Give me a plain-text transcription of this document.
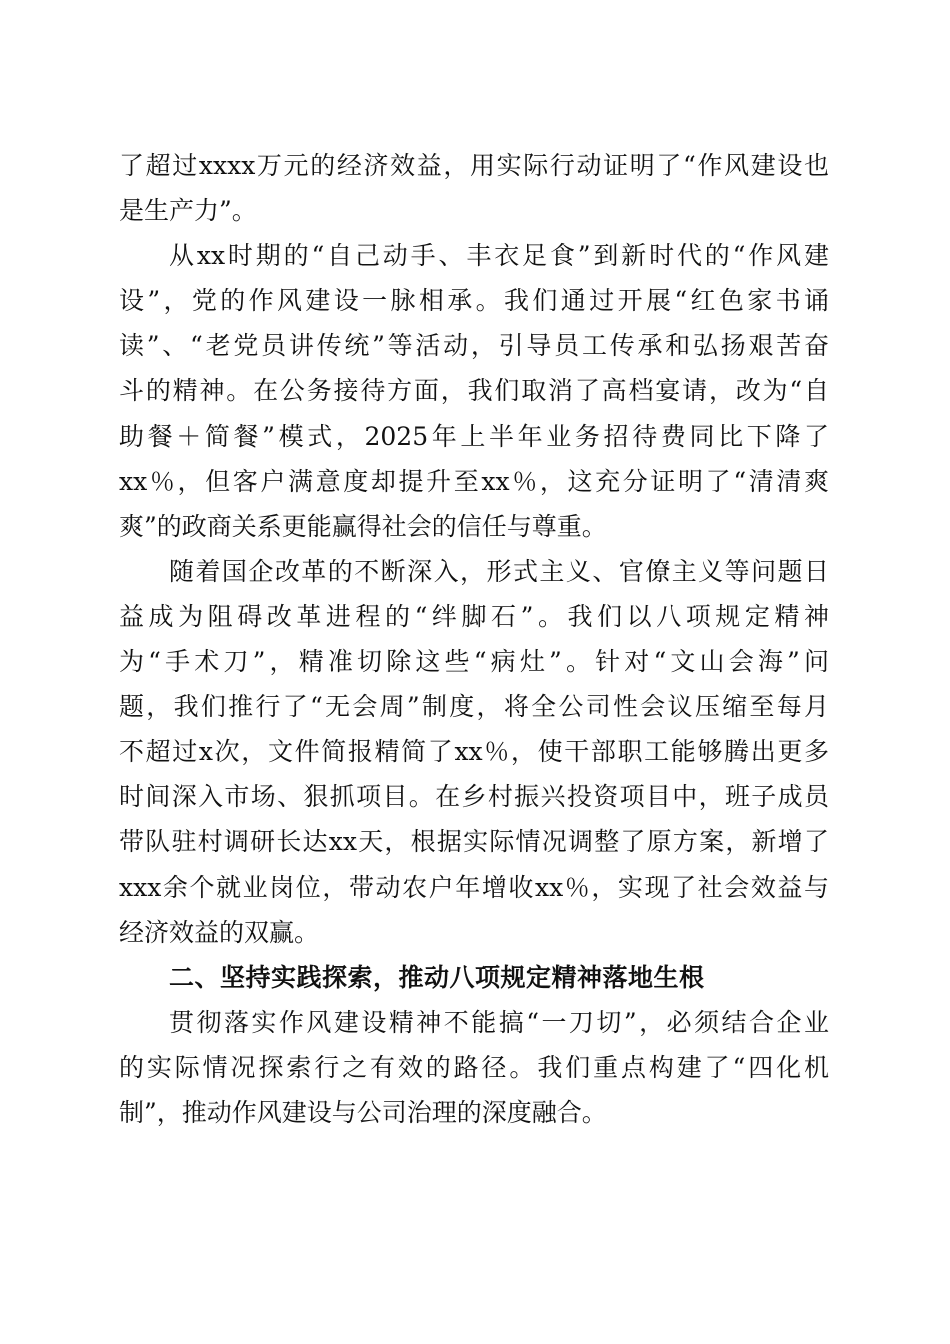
了超过xxxx万元的经济效益，用实际行动证明了“作风建设也
是生产力”。
从xx时期的“自己动手、丰衣足食”到新时代的“作风建
设”，党的作风建设一脉相承。我们通过开展“红色家书诵
读”、“老党员讲传统”等活动，引导员工传承和弘扬艰苦奋
斗的精神。在公务接待方面，我们取消了高档宴请，改为“自
助餐＋简餐”模式，2025年上半年业务招待费同比下降了
xx％，但客户满意度却提升至xx％，这充分证明了“清清爽
爽”的政商关系更能赢得社会的信任与尊重。
随着国企改革的不断深入，形式主义、官僚主义等问题日
益成为阻碍改革进程的“绊脚石”。我们以八项规定精神
为“手术刀”，精准切除这些“病灶”。针对“文山会海”问
题，我们推行了“无会周”制度，将全公司性会议压缩至每月
不超过x次，文件简报精简了xx％，使干部职工能够腾出更多
时间深入市场、狠抓项目。在乡村振兴投资项目中，班子成员
带队驻村调研长达xx天，根据实际情况调整了原方案，新增了
xxx余个就业岗位，带动农户年增收xx％，实现了社会效益与
经济效益的双赢。
二、坚持实践探索，推动八项规定精神落地生根
贯彻落实作风建设精神不能搞“一刀切”，必须结合企业
的实际情况探索行之有效的路径。我们重点构建了“四化机
制”，推动作风建设与公司治理的深度融合。
